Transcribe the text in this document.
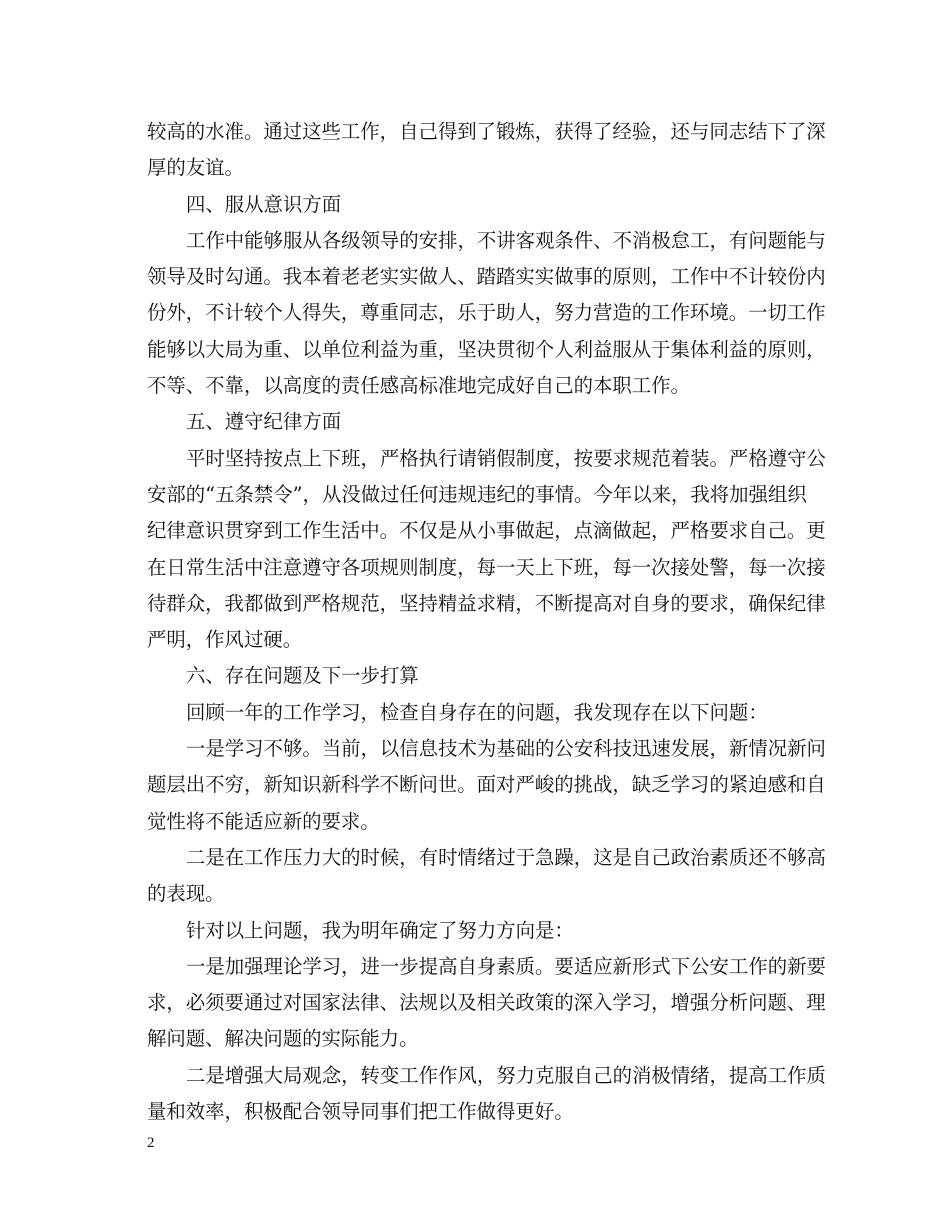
较高的水准。通过这些工作，自己得到了锻炼，获得了经验，还与同志结下了深
厚的友谊。
四、服从意识方面
工作中能够服从各级领导的安排，不讲客观条件、不消极怠工，有问题能与
领导及时勾通。我本着老老实实做人、踏踏实实做事的原则，工作中不计较份内
份外，不计较个人得失，尊重同志，乐于助人，努力营造的工作环境。一切工作
能够以大局为重、以单位利益为重，坚决贯彻个人利益服从于集体利益的原则，
不等、不靠，以高度的责任感高标准地完成好自己的本职工作。
五、遵守纪律方面
平时坚持按点上下班，严格执行请销假制度，按要求规范着装。严格遵守公
安部的“五条禁令”，从没做过任何违规违纪的事情。今年以来，我将加强组织
纪律意识贯穿到工作生活中。不仅是从小事做起，点滴做起，严格要求自己。更
在日常生活中注意遵守各项规则制度，每一天上下班，每一次接处警，每一次接
待群众，我都做到严格规范，坚持精益求精，不断提高对自身的要求，确保纪律
严明，作风过硬。
六、存在问题及下一步打算
回顾一年的工作学习，检查自身存在的问题，我发现存在以下问题：
一是学习不够。当前，以信息技术为基础的公安科技迅速发展，新情况新问
题层出不穷，新知识新科学不断问世。面对严峻的挑战，缺乏学习的紧迫感和自
觉性将不能适应新的要求。
二是在工作压力大的时候，有时情绪过于急躁，这是自己政治素质还不够高
的表现。
针对以上问题，我为明年确定了努力方向是：
一是加强理论学习，进一步提高自身素质。要适应新形式下公安工作的新要
求，必须要通过对国家法律、法规以及相关政策的深入学习，增强分析问题、理
解问题、解决问题的实际能力。
二是增强大局观念，转变工作作风，努力克服自己的消极情绪，提高工作质
量和效率，积极配合领导同事们把工作做得更好。
2
